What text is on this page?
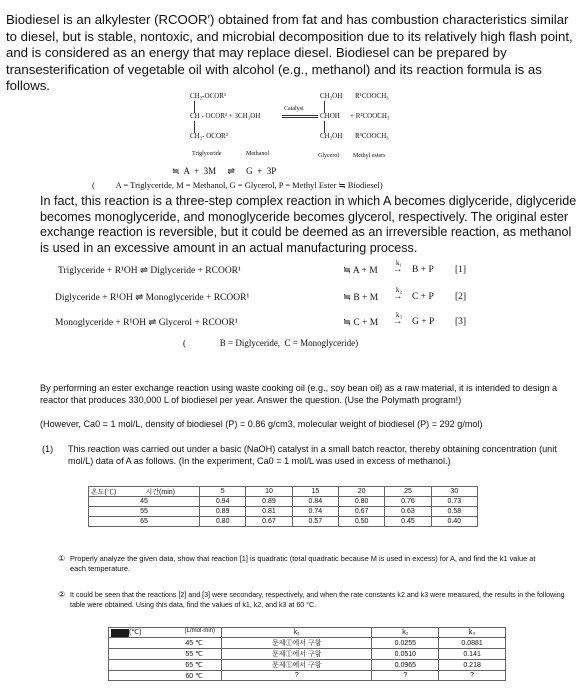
Biodiesel is an alkylester (RCOOR′) obtained from fat and has combustion characteristics similar to diesel, but is stable, nontoxic, and microbial decomposition due to its relatively high flash point, and is considered as an energy that may replace diesel. Biodiesel can be prepared by transesterification of vegetable oil with alcohol (e.g., methanol) and its reaction formula is as follows.
CH₂-OCOR¹
CH - OCOR² + 3CH₃OH
CH₂- OCOR³
Catalyst
CH₂OH
CHOH
CH₂OH
R¹COOCH₃
+ R²COOCH₃
R³COOCH₃
Triglyceride	Methanol	Glycerol Methyl esters
≒  A  +  3M     ⇌     G  +  3P
(          A = Triglyceride, M = Methanol, G = Glycerol, P = Methyl Ester ≒ Biodiesel)
In fact, this reaction is a three-step complex reaction in which A becomes diglyceride, diglyceride becomes monoglyceride, and monoglyceride becomes glycerol, respectively. The original ester exchange reaction is reversible, but it could be deemed as an irreversible reaction, as methanol is used in an excessive amount in an actual manufacturing process.
Triglyceride + R¹OH ⇌ Diglyceride + RCOOR¹	≒ A + M
k₁
→ B + P [1]
Diglyceride + R¹OH ⇌ Monoglyceride + RCOOR¹	≒ B + M
k₂
→ C + P [2]
Monoglyceride + R¹OH ⇌ Glycerol + RCOOR¹	≒ C + M
k₃
→ G + P [3]
(               B = Diglyceride,  C = Monoglyceride)
By performing an ester exchange reaction using waste cooking oil (e.g., soy bean oil) as a raw material, it is intended to design a reactor that produces 330,000 L of biodiesel per year. Answer the question. (Use the Polymath program!)
(However, Ca0 = 1 mol/L, density of biodiesel (P) = 0.86 g/cm3, molecular weight of biodiesel (P) = 292 g/mol)
(1) This reaction was carried out under a basic (NaOH) catalyst in a small batch reactor, thereby obtaining concentration (unit mol/L) data of A as follows. (In the experiment, Ca0 = 1 mol/L was used in excess of methanol.)
온도(℃) 시간(min)	5	10	15	20	25	30
45	0.94	0.89	0.84	0.80	0.76	0.73
55	0.89	0.81	0.74	0.67	0.63	0.58
65	0.80	0.67	0.57	0.50	0.45	0.40
① Properly analyze the given data, show that reaction [1] is quadratic (total quadratic because M is used in excess) for A, and find the k1 value at each temperature.
② It could be seen that the reactions [2] and [3] were secondary, respectively, and when the rate constants k2 and k3 were measured, the results in the following table were obtained. Using this data, find the values of k1, k2, and k3 at 60 °C.
(℃) (L/mol·min)	k₁	k₂	k₃
45 ℃	문제①에서 구함	0.0255	0.0881
55 ℃	문제①에서 구함	0.0510	0.141
65 ℃	문제①에서 구함	0.0965	0.218
60 ℃	?	?	?
